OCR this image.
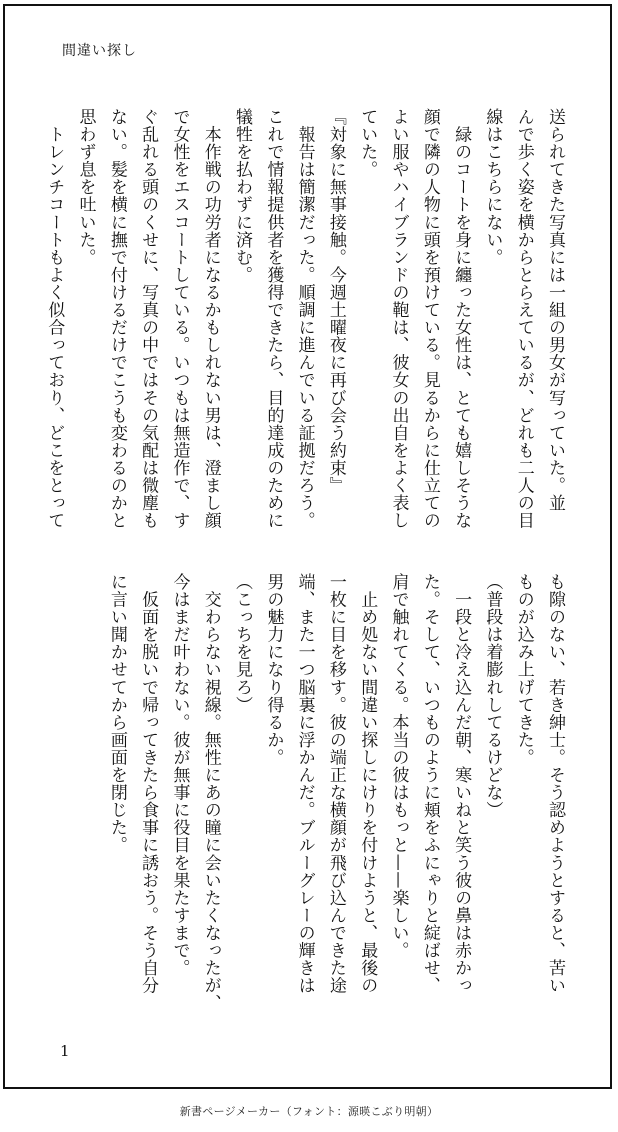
間違い探し
送られてきた写真には一組の男女が写っていた。並
んで歩く姿を横からとらえているが、どれも二人の目
線はこちらにない。
　緑のコートを身に纏った女性は、とても嬉しそうな
顔で隣の人物に頭を預けている。見るからに仕立ての
よい服やハイブランドの鞄は、彼女の出自をよく表し
ていた。
『対象に無事接触。今週土曜夜に再び会う約束』
　報告は簡潔だった。順調に進んでいる証拠だろう。
これで情報提供者を獲得できたら、目的達成のために
犠牲を払わずに済む。
　本作戦の功労者になるかもしれない男は、澄まし顔
で女性をエスコートしている。いつもは無造作で、す
ぐ乱れる頭のくせに、写真の中ではその気配は微塵も
ない。髪を横に撫で付けるだけでこうも変わるのかと
思わず息を吐いた。
　トレンチコートもよく似合っており、どこをとって
も隙のない、若き紳士。そう認めようとすると、苦い
ものが込み上げてきた。
（普段は着膨れしてるけどな）
　一段と冷え込んだ朝、寒いねと笑う彼の鼻は赤かっ
た。そして、いつものように頬をふにゃりと綻ばせ、
肩で触れてくる。本当の彼はもっと——楽しい。
　止め処ない間違い探しにけりを付けようと、最後の
一枚に目を移す。彼の端正な横顔が飛び込んできた途
端、また一つ脳裏に浮かんだ。ブルーグレーの輝きは
男の魅力になり得るか。
（こっちを見ろ）
　交わらない視線。無性にあの瞳に会いたくなったが、
今はまだ叶わない。彼が無事に役目を果たすまで。
　仮面を脱いで帰ってきたら食事に誘おう。そう自分
に言い聞かせてから画面を閉じた。
1
新書ページメーカー（フォント：源暎こぶり明朝）
